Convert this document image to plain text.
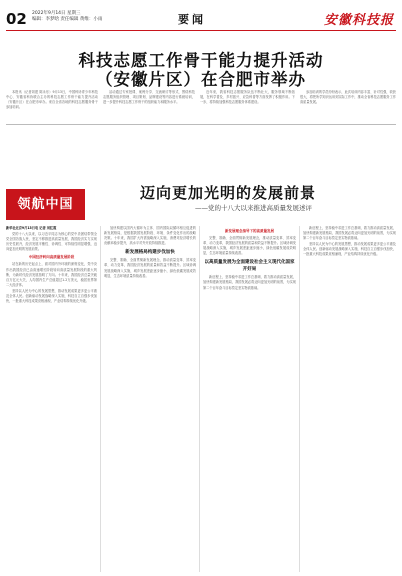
02 2022年9月14日 星期三
编辑：李梦晗 责任编辑 黄维：小雨	要闻	安徽科技报
科技志愿工作骨干能力提升活动
（安徽片区）在合肥市举办

本报讯（记者刘建 陈永东）9月13日，中国科协青少年科技中心、安徽省科协联合主办的科技志愿工作骨干能力提升活动（安徽片区）在合肥市举办。来自全省各地的科技志愿服务骨干参加培训。

活动通过专家授课、案例分享、交流研讨等形式，围绕科技志愿服务组织管理、项目策划、品牌建设等内容进行系统培训，进一步提升科技志愿工作骨干的组织能力和服务水平。

近年来，我省科技志愿服务队伍不断壮大，服务领域不断拓展，在科学普及、乡村振兴、应急科普等方面发挥了积极作用。下一步，将持续加强科技志愿服务体系建设。

参加培训的学员纷纷表示，此次培训内容丰富、针对性强，收获很大，将把所学知识运用到实际工作中，推动全省科技志愿服务工作高质量发展。

领航中国
迈向更加光明的发展前景
——党的十八大以来推进高质量发展述评

新华社北京9月13日电 记者 刘红霞

党的十八大以来，以习近平同志为核心的党中央团结带领全党全国各族人民，坚定不移推进高质量发展，我国经济实力实现历史性跃升，经济发展平衡性、协调性、可持续性明显增强，迈向更加光明的发展前景。

中国经济转向高质量发展阶段

站在新的历史起点上，面对国内外环境的深刻变化，党中央作出我国经济已由高速增长阶段转向高质量发展阶段的重大判断，为新时代经济发展指明了方向。十年来，我国经济总量突破百万亿元大关，人均国内生产总值超过1.2万美元，稳居世界第二大经济体。

坚持以人民为中心的发展思想，推动发展成果更多更公平惠及全体人民。创新驱动发展战略深入实施，科技自立自强步伐加快，一批重大科技成果竞相涌现，产业结构持续优化升级。

加快构建以国内大循环为主体、国内国际双循环相互促进的新发展格局，是根据我国发展阶段、环境、条件变化作出的战略决策。十年来，我国扩大内需战略深入实施，消费对经济增长的贡献率稳步提升，高水平对外开放持续推进。

新发展格局构建步伐加快

完整、准确、全面贯彻新发展理念，推动质量变革、效率变革、动力变革，我国经济发展的质量和效益不断提升。区域协调发展战略深入实施，城乡发展差距逐步缩小，绿色低碳发展成效明显，生态环境质量持续改善。

新发展理念指导下的高质量发展

完整、准确、全面贯彻新发展理念，推动质量变革、效率变革、动力变革，我国经济发展的质量和效益不断提升。区域协调发展战略深入实施，城乡发展差距逐步缩小，绿色低碳发展成效明显，生态环境质量持续改善。

以高质量发展为全面建设社会主义现代化国家开好局

新征程上，坚持稳中求进工作总基调，着力推动高质量发展，加快构建新发展格局，我国发展必将迈向更加光明的前景，为实现第二个百年奋斗目标奠定坚实物质基础。

新征程上，坚持稳中求进工作总基调，着力推动高质量发展，加快构建新发展格局，我国发展必将迈向更加光明的前景，为实现第二个百年奋斗目标奠定坚实物质基础。

坚持以人民为中心的发展思想，推动发展成果更多更公平惠及全体人民。创新驱动发展战略深入实施，科技自立自强步伐加快，一批重大科技成果竞相涌现，产业结构持续优化升级。
